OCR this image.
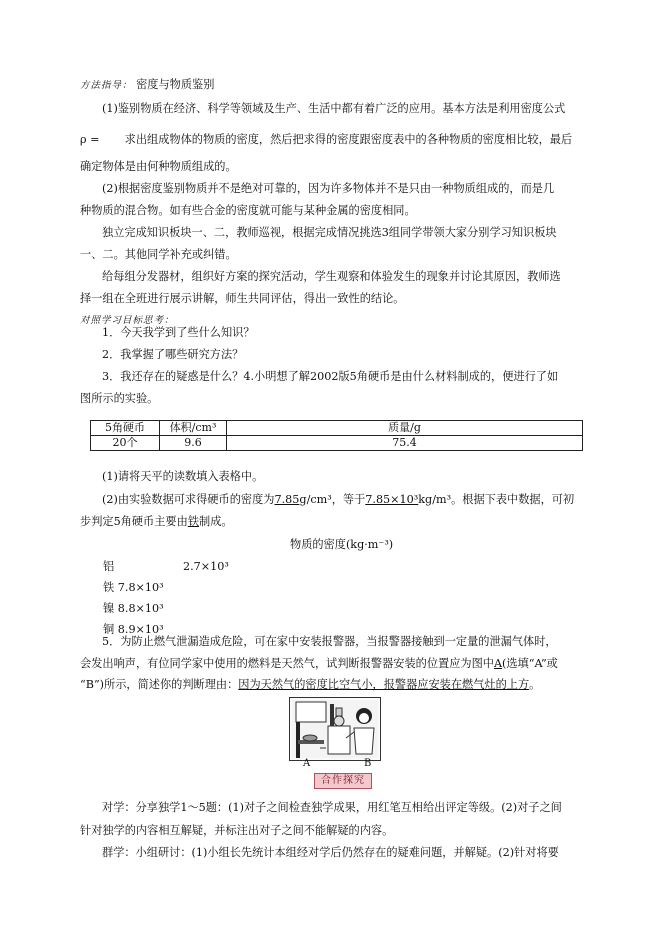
方法指导： 密度与物质鉴别

(1)鉴别物质在经济、科学等领域及生产、生活中都有着广泛的应用。基本方法是利用密度公式

ρ = 求出组成物体的物质的密度，然后把求得的密度跟密度表中的各种物质的密度相比较，最后

确定物体是由何种物质组成的。

(2)根据密度鉴别物质并不是绝对可靠的，因为许多物体并不是只由一种物质组成的，而是几

种物质的混合物。如有些合金的密度就可能与某种金属的密度相同。

独立完成知识板块一、二，教师巡视，根据完成情况挑选3组同学带领大家分别学习知识板块

一、二。其他同学补充或纠错。

给每组分发器材，组织好方案的探究活动，学生观察和体验发生的现象并讨论其原因，教师选

择一组在全班进行展示讲解，师生共同评估，得出一致性的结论。

对照学习目标思考：

1．今天我学到了些什么知识？

2．我掌握了哪些研究方法？

3．我还存在的疑惑是什么？4.小明想了解2002版5角硬币是由什么材料制成的，便进行了如

图所示的实验。

5角硬币	体积/cm³	质量/g
20个	9.6	75.4

(1)请将天平的读数填入表格中。

(2)由实验数据可求得硬币的密度为7.85g/cm³，等于7.85×10³kg/m³。根据下表中数据，可初

步判定5角硬币主要由铁制成。

物质的密度(kg·m⁻³)

铝	2.7×10³
铁 7.8×10³
镍 8.8×10³
铜 8.9×10³

5．为防止燃气泄漏造成危险，可在家中安装报警器，当报警器接触到一定量的泄漏气体时，

会发出响声，有位同学家中使用的燃料是天然气，试判断报警器安装的位置应为图中A(选填“A”或

“B”)所示，简述你的判断理由：因为天然气的密度比空气小，报警器应安装在燃气灶的上方。

A	B
合作探究

对学：分享独学1～5题：(1)对子之间检查独学成果，用红笔互相给出评定等级。(2)对子之间

针对独学的内容相互解疑，并标注出对子之间不能解疑的内容。

群学：小组研讨：(1)小组长先统计本组经对学后仍然存在的疑难问题，并解疑。(2)针对将要
